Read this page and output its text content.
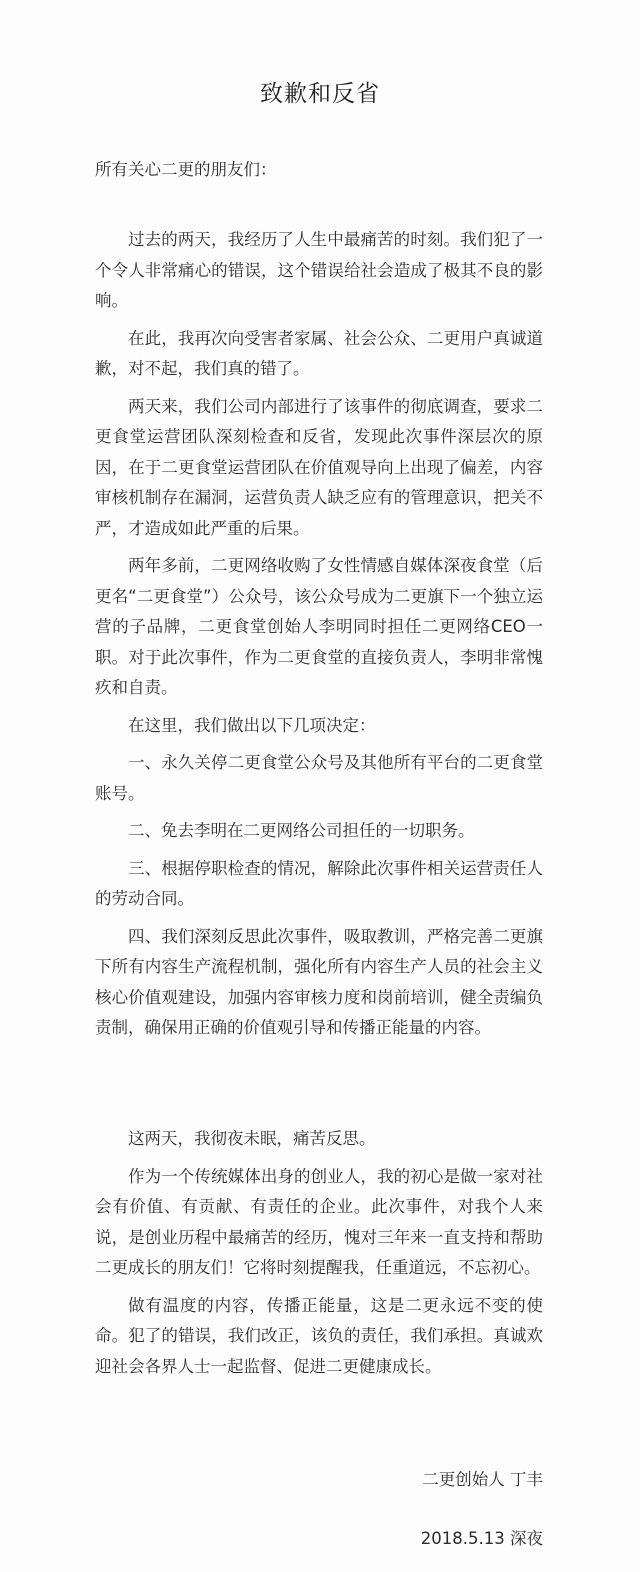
致歉和反省
所有关心二更的朋友们：

过去的两天，我经历了人生中最痛苦的时刻。我们犯了一个令人非常痛心的错误，这个错误给社会造成了极其不良的影响。

在此，我再次向受害者家属、社会公众、二更用户真诚道歉，对不起，我们真的错了。

两天来，我们公司内部进行了该事件的彻底调查，要求二更食堂运营团队深刻检查和反省，发现此次事件深层次的原因，在于二更食堂运营团队在价值观导向上出现了偏差，内容审核机制存在漏洞，运营负责人缺乏应有的管理意识，把关不严，才造成如此严重的后果。

两年多前，二更网络收购了女性情感自媒体深夜食堂（后更名“二更食堂”）公众号，该公众号成为二更旗下一个独立运营的子品牌，二更食堂创始人李明同时担任二更网络CEO一职。对于此次事件，作为二更食堂的直接负责人，李明非常愧疚和自责。

在这里，我们做出以下几项决定：

一、永久关停二更食堂公众号及其他所有平台的二更食堂账号。

二、免去李明在二更网络公司担任的一切职务。

三、根据停职检查的情况，解除此次事件相关运营责任人的劳动合同。

四、我们深刻反思此次事件，吸取教训，严格完善二更旗下所有内容生产流程机制，强化所有内容生产人员的社会主义核心价值观建设，加强内容审核力度和岗前培训，健全责编负责制，确保用正确的价值观引导和传播正能量的内容。

这两天，我彻夜未眠，痛苦反思。

作为一个传统媒体出身的创业人，我的初心是做一家对社会有价值、有贡献、有责任的企业。此次事件，对我个人来说，是创业历程中最痛苦的经历，愧对三年来一直支持和帮助二更成长的朋友们！它将时刻提醒我，任重道远，不忘初心。

做有温度的内容，传播正能量，这是二更永远不变的使命。犯了的错误，我们改正，该负的责任，我们承担。真诚欢迎社会各界人士一起监督、促进二更健康成长。

二更创始人 丁丰
2018.5.13 深夜
